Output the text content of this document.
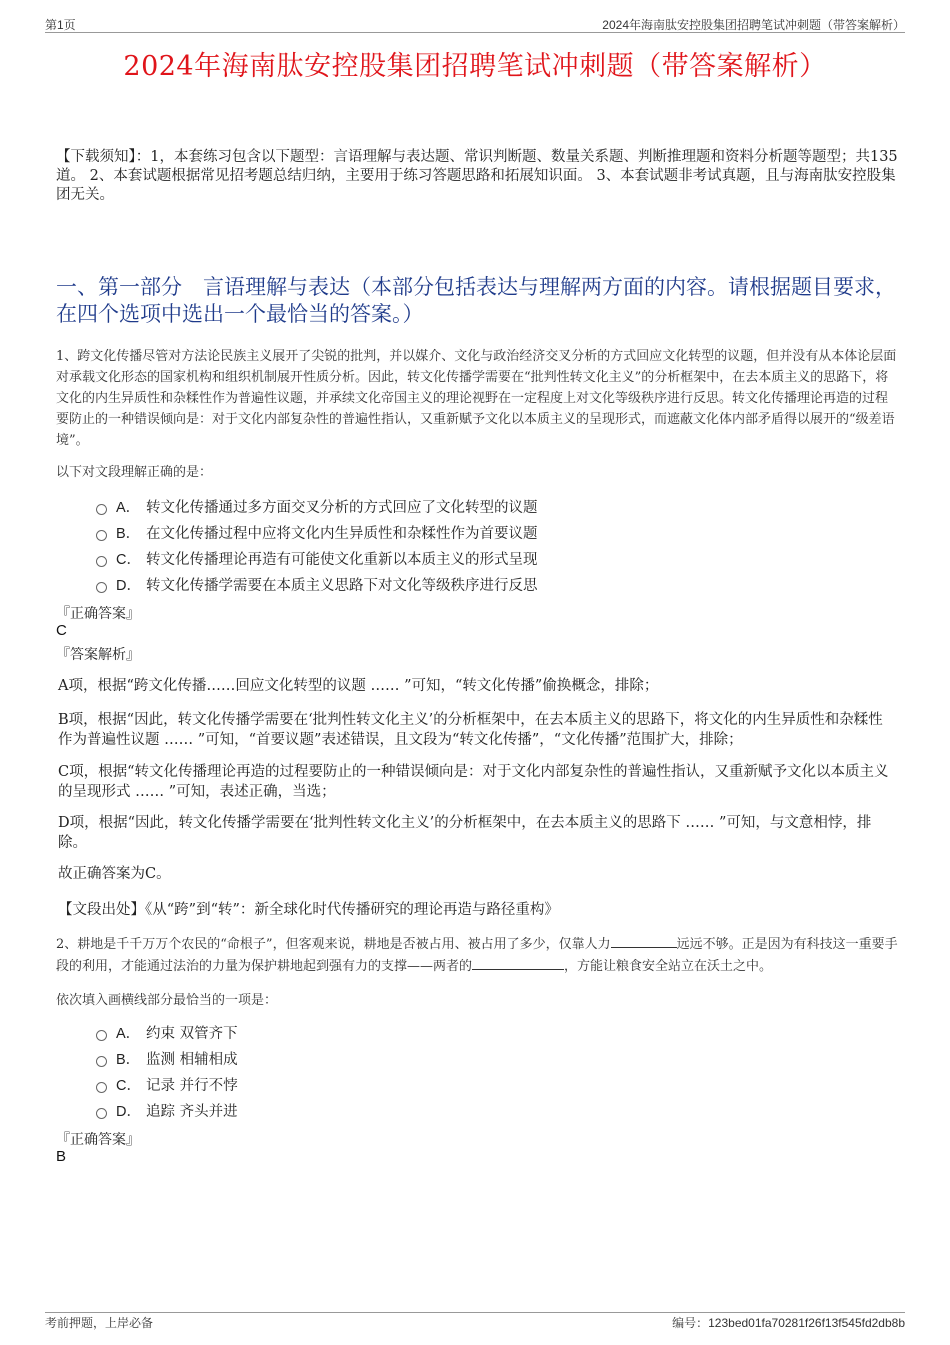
第1页	2024年海南肽安控股集团招聘笔试冲刺题（带答案解析）
2024年海南肽安控股集团招聘笔试冲刺题（带答案解析）
【下载须知】：1，本套练习包含以下题型：言语理解与表达题、常识判断题、数量关系题、判断推理题和资料分析题等题型；共135道。 2、本套试题根据常见招考题总结归纳，主要用于练习答题思路和拓展知识面。 3、本套试题非考试真题，且与海南肽安控股集团无关。
一、第一部分　言语理解与表达（本部分包括表达与理解两方面的内容。请根据题目要求，在四个选项中选出一个最恰当的答案。）
1、跨文化传播尽管对方法论民族主义展开了尖锐的批判，并以媒介、文化与政治经济交叉分析的方式回应文化转型的议题，但并没有从本体论层面对承载文化形态的国家机构和组织机制展开性质分析。因此，转文化传播学需要在“批判性转文化主义”的分析框架中，在去本质主义的思路下，将文化的内生异质性和杂糅性作为普遍性议题，并承续文化帝国主义的理论视野在一定程度上对文化等级秩序进行反思。转文化传播理论再造的过程要防止的一种错误倾向是：对于文化内部复杂性的普遍性指认，又重新赋予文化以本质主义的呈现形式，而遮蔽文化体内部矛盾得以展开的“级差语境”。
以下对文段理解正确的是：
A． 转文化传播通过多方面交叉分析的方式回应了文化转型的议题
B． 在文化传播过程中应将文化内生异质性和杂糅性作为首要议题
C． 转文化传播理论再造有可能使文化重新以本质主义的形式呈现
D． 转文化传播学需要在本质主义思路下对文化等级秩序进行反思
『正确答案』
C
『答案解析』
A项，根据“跨文化传播……回应文化转型的议题 …… ”可知，“转文化传播”偷换概念，排除；
B项，根据“因此，转文化传播学需要在‘批判性转文化主义’的分析框架中，在去本质主义的思路下，将文化的内生异质性和杂糅性作为普遍性议题 …… ”可知，“首要议题”表述错误，且文段为“转文化传播”，“文化传播”范围扩大，排除；
C项，根据“转文化传播理论再造的过程要防止的一种错误倾向是：对于文化内部复杂性的普遍性指认，又重新赋予文化以本质主义的呈现形式 …… ”可知，表述正确，当选；
D项，根据“因此，转文化传播学需要在‘批判性转文化主义’的分析框架中，在去本质主义的思路下 …… ”可知，与文意相悖，排除。
故正确答案为C。
【文段出处】《从“跨”到“转”：新全球化时代传播研究的理论再造与路径重构》
2、耕地是千千万万个农民的“命根子”，但客观来说，耕地是否被占用、被占用了多少，仅靠人力	远远不够。正是因为有科技这一重要手段的利用，才能通过法治的力量为保护耕地起到强有力的支撑——两者的	，方能让粮食安全站立在沃土之中。
依次填入画横线部分最恰当的一项是：
A． 约束 双管齐下
B． 监测 相辅相成
C． 记录 并行不悖
D． 追踪 齐头并进
『正确答案』
B
考前押题，上岸必备	编号：123bed01fa70281f26f13f545fd2db8b
